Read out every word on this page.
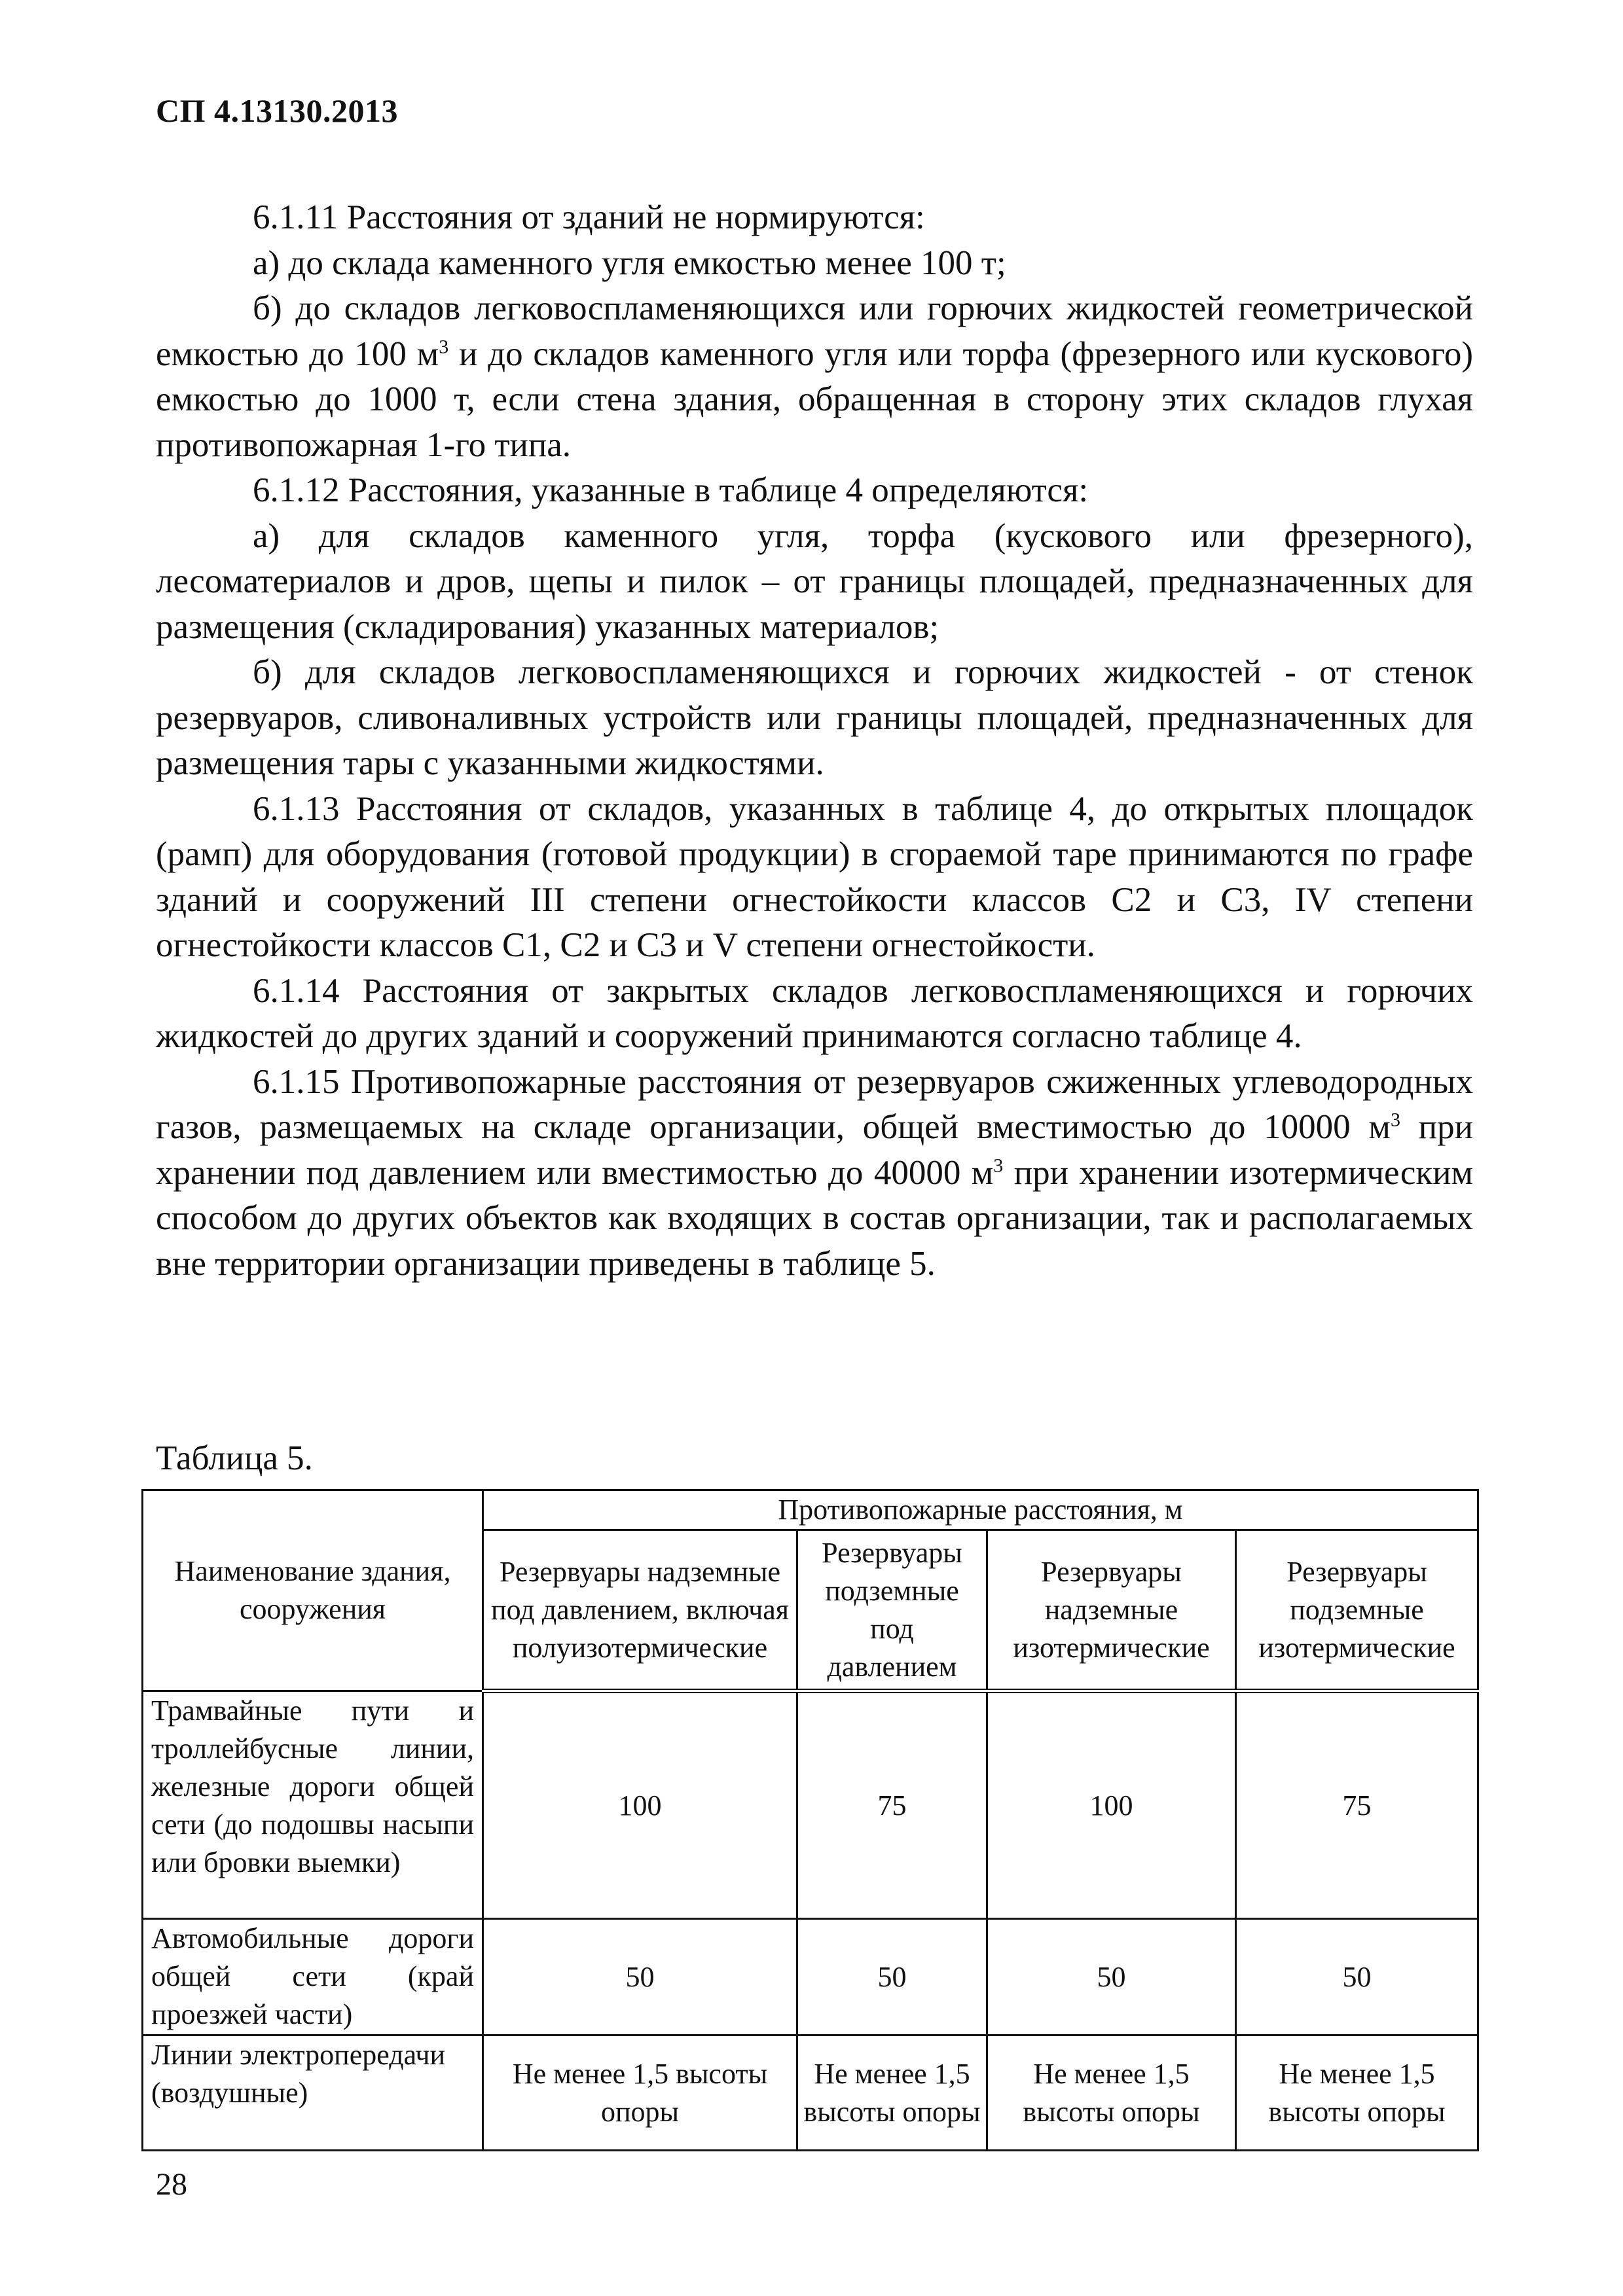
СП 4.13130.2013

6.1.11 Расстояния от зданий не нормируются:

а) до склада каменного угля емкостью менее 100 т;

б) до складов легковоспламеняющихся или горючих жидкостей геометрической емкостью до 100 $м^3$ и до складов каменного угля или торфа (фрезерного или кускового) емкостью до 1000 т, если стена здания, обращенная в сторону этих складов глухая противопожарная 1-го типа.

6.1.12 Расстояния, указанные в таблице 4 определяются:

а) для складов каменного угля, торфа (кускового или фрезерного), лесоматериалов и дров, щепы и пилок – от границы площадей, предназначенных для размещения (складирования) указанных материалов;

б) для складов легковоспламеняющихся и горючих жидкостей - от стенок резервуаров, сливоналивных устройств или границы площадей, предназначенных для размещения тары с указанными жидкостями.

6.1.13 Расстояния от складов, указанных в таблице 4, до открытых площадок (рамп) для оборудования (готовой продукции) в сгораемой таре принимаются по графе зданий и сооружений III степени огнестойкости классов С2 и С3, IV степени огнестойкости классов С1, С2 и С3 и V степени огнестойкости.

6.1.14 Расстояния от закрытых складов легковоспламеняющихся и горючих жидкостей до других зданий и сооружений принимаются согласно таблице 4.

6.1.15 Противопожарные расстояния от резервуаров сжиженных углеводородных газов, размещаемых на складе организации, общей вместимостью до 10000 $м^3$ при хранении под давлением или вместимостью до 40000 $м^3$ при хранении изотермическим способом до других объектов как входящих в состав организации, так и располагаемых вне территории организации приведены в таблице 5.

Таблица 5.
Наименование здания, сооружения	Противопожарные расстояния, м			
	Резервуары надземные под давлением, включая полуизотермические	Резервуары подземные под давлением	Резервуары надземные изотермические	Резервуары подземные изотермические
Трамвайные пути и троллейбусные линии, железные дороги общей сети (до подошвы насыпи или бровки выемки)	100	75	100	75
Автомобильные дороги общей сети (край проезжей части)	50	50	50	50
Линии электропередачи (воздушные)	Не менее 1,5 высоты опоры	Не менее 1,5 высоты опоры	Не менее 1,5 высоты опоры	Не менее 1,5 высоты опоры
28
